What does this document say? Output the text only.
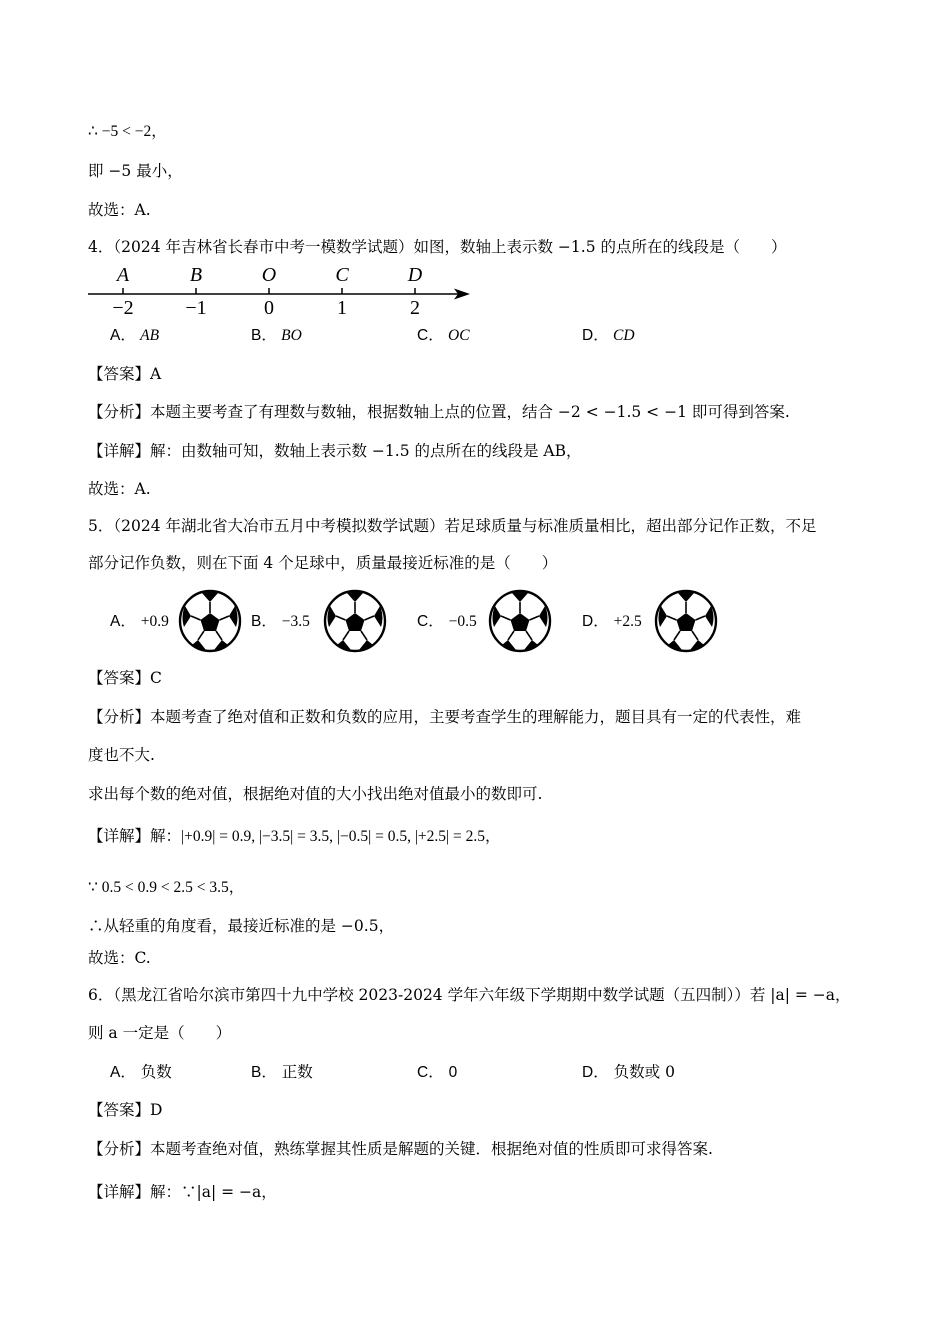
∴ −5 < −2，
即 −5 最小，
故选：A.
4．（2024 年吉林省长春市中考一模数学试题）如图，数轴上表示数 −1.5 的点所在的线段是（　　）
A	B	O	C	D
−2	−1	0	1	2
A． AB	B． BO	C． OC	D． CD
【答案】A
【分析】本题主要考查了有理数与数轴，根据数轴上点的位置，结合 −2 < −1.5 < −1 即可得到答案.
【详解】解：由数轴可知，数轴上表示数 −1.5 的点所在的线段是 AB，
故选：A.
5．（2024 年湖北省大冶市五月中考模拟数学试题）若足球质量与标准质量相比，超出部分记作正数，不足
部分记作负数，则在下面 4 个足球中，质量最接近标准的是（　　）
A． +0.9	B． −3.5	C． −0.5	D． +2.5
【答案】C
【分析】本题考查了绝对值和正数和负数的应用，主要考查学生的理解能力，题目具有一定的代表性，难
度也不大.
求出每个数的绝对值，根据绝对值的大小找出绝对值最小的数即可.
【详解】解：|+0.9| = 0.9, |−3.5| = 3.5, |−0.5| = 0.5, |+2.5| = 2.5，
∵ 0.5 < 0.9 < 2.5 < 3.5，
∴从轻重的角度看，最接近标准的是 −0.5，
故选：C.
6．（黑龙江省哈尔滨市第四十九中学校 2023-2024 学年六年级下学期期中数学试题（五四制））若 |a| = −a，
则 a 一定是（　　）
A． 负数	B． 正数	C． 0	D． 负数或 0
【答案】D
【分析】本题考查绝对值，熟练掌握其性质是解题的关键．根据绝对值的性质即可求得答案.
【详解】解：∵|a| = −a，
